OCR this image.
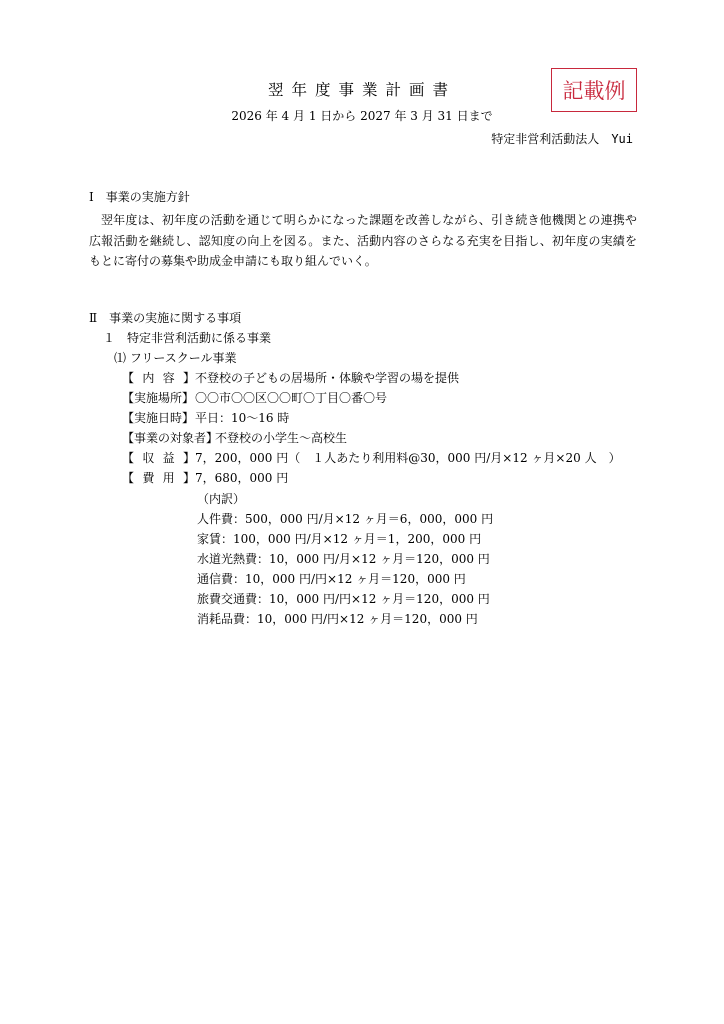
翌年度事業計画書	記載例
2026 年 4 月 1 日から 2027 年 3 月 31 日まで
特定非営利活動法人 Yui
Ⅰ　事業の実施方針
翌年度は、初年度の活動を通じて明らかになった課題を改善しながら、引き続き他機関との連携や広報活動を継続し、認知度の向上を図る。また、活動内容のさらなる充実を目指し、初年度の実績をもとに寄付の募集や助成金申請にも取り組んでいく。
Ⅱ　事業の実施に関する事項
１　特定非営利活動に係る事業
⑴ フリースクール事業
【 内 容 】 不登校の子どもの居場所・体験や学習の場を提供
【実施場所】〇〇市〇〇区〇〇町〇丁目〇番〇号
【実施日時】平日：10～16 時
【事業の対象者】不登校の小学生～高校生
【 収 益 】 7，200，000 円（　１人あたり利用料@30，000 円/月×12 ヶ月×20 人　）
【 費 用 】 7，680，000 円
（内訳）
人件費：500，000 円/月×12 ヶ月＝6，000，000 円
家賃：100，000 円/月×12 ヶ月＝1，200，000 円
水道光熱費：10，000 円/月×12 ヶ月＝120，000 円
通信費：10，000 円/円×12 ヶ月＝120，000 円
旅費交通費：10，000 円/円×12 ヶ月＝120，000 円
消耗品費：10，000 円/円×12 ヶ月＝120，000 円
